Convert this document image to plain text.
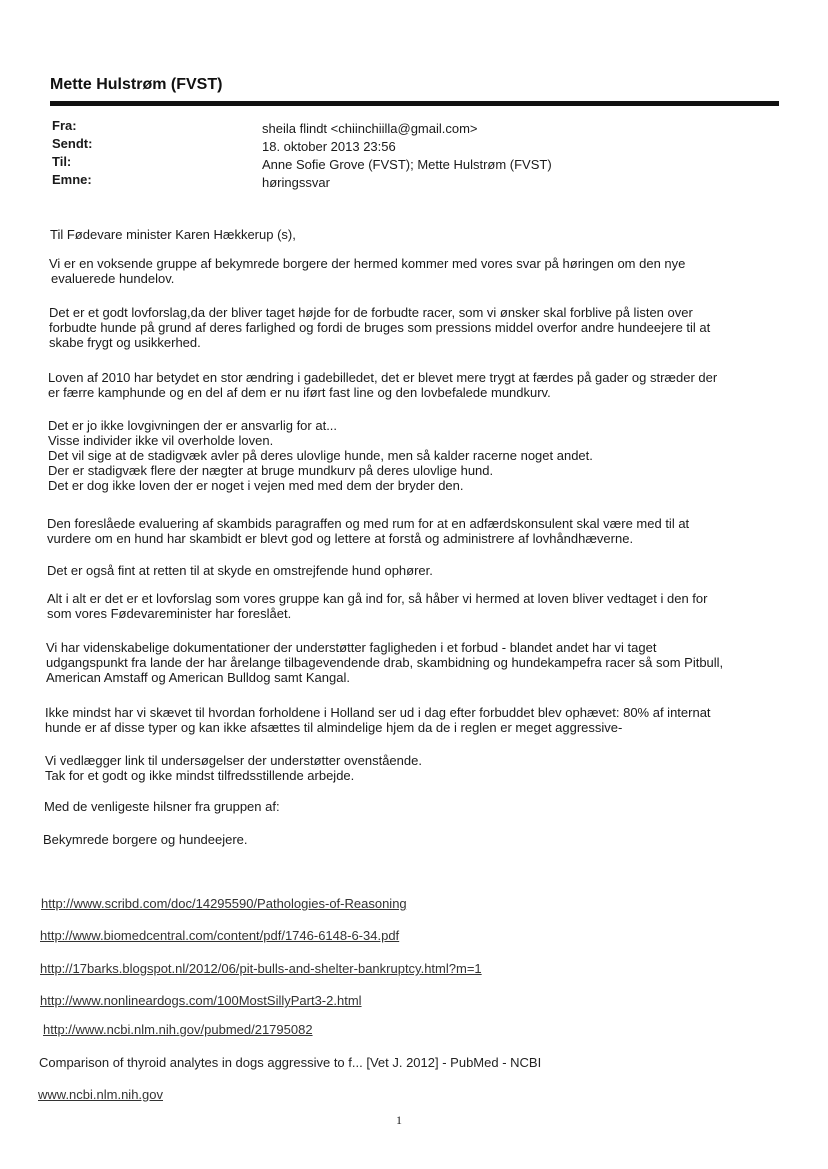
Mette Hulstrøm (FVST)
Fra:	sheila flindt <chiinchiilla@gmail.com>
Sendt:	18. oktober 2013 23:56
Til:	Anne Sofie Grove (FVST); Mette Hulstrøm (FVST)
Emne:	høringssvar
Til Fødevare minister Karen Hækkerup (s),
Vi er en voksende gruppe af bekymrede borgere der hermed kommer med vores svar på høringen om den nye
evaluerede hundelov.
Det er et godt lovforslag,da der bliver taget højde for de forbudte racer, som vi ønsker skal forblive på listen over
forbudte hunde på grund af deres farlighed og fordi de bruges som pressions middel overfor andre hundeejere til at
skabe frygt og usikkerhed.
Loven af 2010 har betydet en stor ændring i gadebilledet, det er blevet mere trygt at færdes på gader og stræder der
er færre kamphunde og en del af dem er nu iført fast line og den lovbefalede mundkurv.
Det er jo ikke lovgivningen der er ansvarlig for at...
Visse individer ikke vil overholde loven.
Det vil sige at de stadigvæk avler på deres ulovlige hunde, men så kalder racerne noget andet.
Der er stadigvæk flere der nægter at bruge mundkurv på deres ulovlige hund.
Det er dog ikke loven der er noget i vejen med med dem der bryder den.
Den foreslåede evaluering af skambids paragraffen og med rum for at en adfærdskonsulent skal være med til at
vurdere om en hund har skambidt er blevt god og lettere at forstå og administrere af lovhåndhæverne.
Det er også fint at retten til at skyde en omstrejfende hund ophører.
Alt i alt er det er et lovforslag som vores gruppe kan gå ind for, så håber vi hermed at loven bliver vedtaget i den for
som vores Fødevareminister har foreslået.
Vi har videnskabelige dokumentationer der understøtter fagligheden i et forbud - blandet andet har vi taget
udgangspunkt fra lande der har årelange tilbagevendende drab, skambidning og hundekampefra racer så som Pitbull,
American Amstaff og American Bulldog samt Kangal.
Ikke mindst har vi skævet til hvordan forholdene i Holland ser ud i dag efter forbuddet blev ophævet: 80% af internat
hunde er af disse typer og kan ikke afsættes til almindelige hjem da de i reglen er meget aggressive-
Vi vedlægger link til undersøgelser der understøtter ovenstående.
Tak for et godt og ikke mindst tilfredsstillende arbejde.
Med de venligeste hilsner fra gruppen af:
Bekymrede borgere og hundeejere.
http://www.scribd.com/doc/14295590/Pathologies-of-Reasoning
http://www.biomedcentral.com/content/pdf/1746-6148-6-34.pdf
http://17barks.blogspot.nl/2012/06/pit-bulls-and-shelter-bankruptcy.html?m=1
http://www.nonlineardogs.com/100MostSillyPart3-2.html
http://www.ncbi.nlm.nih.gov/pubmed/21795082
Comparison of thyroid analytes in dogs aggressive to f... [Vet J. 2012] - PubMed - NCBI
www.ncbi.nlm.nih.gov
1
